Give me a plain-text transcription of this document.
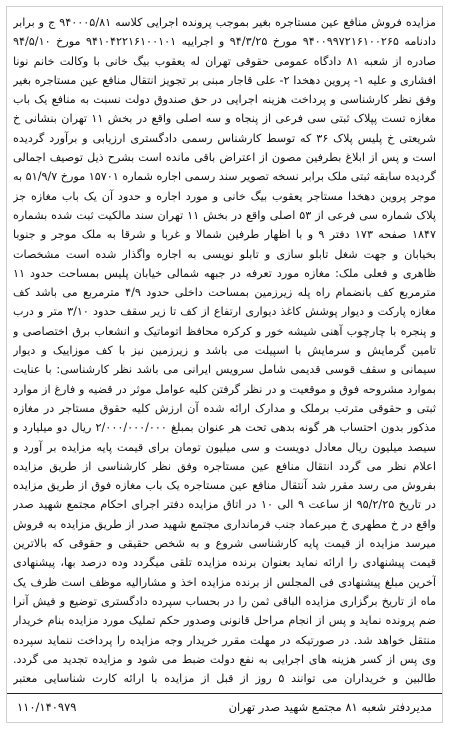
مزایده فروش منافع عین مستاجره بغیر بموجب پرونده اجرایی کلاسه ۹۴۰۰۰۵/۸۱ ج و برابر دادنامه ۹۴۰۰۹۹۷۲۱۶۱۰۰۲۶۵ مورخ ۹۴/۳/۲۵ و اجراییه ۹۴۱۰۴۲۲۱۶۱۰۰۱۰۱ مورخ ۹۴/۵/۱۰ صادره از شعبه ۸۱ دادگاه عمومی حقوقی تهران له یعقوب بیگ خانی با وکالت خانم نونا افشاری و علیه ۱- پروین دهخدا ۲- علی قاجار مبنی بر تجویز انتقال منافع عین مستاجره بغیر وفق نظر کارشناسی و پرداخت هزینه اجرایی در حق صندوق دولت نسبت به منافع یک باب مغازه تست پپلاک ثبتی سی فرعی از پنجاه و سه اصلی واقع در بخش ۱۱ تهران بنشانی خ شریعتی خ پلیس پلاک ۳۶ که توسط کارشناس رسمی دادگستری ارزیابی و برآورد گردیده است و پس از ابلاغ بطرفین مصون از اعتراض باقی مانده است بشرح ذیل توصیف اجمالی گردیده سابقه ثبتی ملک برابر نسخه تصویر سند رسمی اجاره شماره ۱۵۷۰۱ مورخ ۵۱/۹/۷ به موجر پروین دهخدا مستاجر یعقوب بیگ خانی و مورد اجاره و حدود آن یک باب مغازه جز پلاک شماره سی فرعی از ۵۳ اصلی واقع در بخش ۱۱ تهران سند مالکیت ثبت شده بشماره ۱۸۴۷ صفحه ۱۷۳ دفتر ۹ و با اظهار طرفین شمالا و غربا و شرقا به ملک موجر و جنوبا بخیابان و جهت شغل تابلو سازی و تابلو نویسی به اجاره واگذار شده است مشخصات ظاهری و فعلی ملک: مغازه مورد تعرفه در جبهه شمالی خیابان پلیس بمساحت حدود ۱۱ مترمربع کف بانضمام راه پله زیرزمین بمساحت داخلی حدود ۴/۹ مترمربع می باشد کف مغازه پارکت و دیوار پوشش کاغذ دیواری ارتفاع از کف تا زیر سقف حدود ۳/۱۰ متر و درب و پنجره با چارچوب آهنی شیشه خور و کرکره محافظ اتوماتیک و انشعاب برق اختصاصی و تامین گرمایش و سرمایش با اسپیلت می باشد و زیرزمین نیز با کف موزاییک و دیوار سیمانی و سقف قوسی قدیمی شامل سرویس ایرانی می باشد نظر کارشناسی: با عنایت بموارد مشروحه فوق و موقعیت و در نظر گرفتن کلیه عوامل موثر در قضیه و فارغ از موارد ثبتی و حقوقی مترتب برملک و مدارک ارائه شده آن ارزش کلیه حقوق مستاجر در مغازه مذکور بدون احتساب هر گونه بدهی تحت هر عنوان بمبلغ ۲/۰۰۰/۰۰۰/۰۰۰ ریال دو میلیارد و سیصد میلیون ریال معادل دویست و سی میلیون تومان برای قیمت پایه مزایده بر آورد و اعلام نظر می گردد انتقال منافع عین مستاجره وفق نظر کارشناسی از طریق مزایده بفروش می رسد مقرر شد آنتقال منافع عین مستاجره یک باب مغازه فوق از طریق مزایده در تاریخ ۹۵/۲/۲۵ از ساعت ۹ الی ۱۰ در اتاق مزایده دفتر اجرای احکام مجتمع شهید صدر واقع در خ مطهری خ میرعماد جنب فرمانداری مجتمع شهید صدر از طریق مزایده به فروش میرسد مزایده از قیمت پایه کارشناسی شروع و به شخص حقیقی و حقوقی که بالاترین قیمت پیشنهادی را ارائه نماید بعنوان برنده مزایده تلقی میگردد وده درصد بها، پیشنهادی آخرین مبلغ پیشنهادی فی المجلس از برنده مزایده اخذ و مشارالیه موظف است ظرف یک ماه از تاریخ برگزاری مزایده الباقی ثمن را در بحساب سپرده دادگستری توضیع و فیش آنرا ضم پرونده نماید و پس از انجام مراحل قانونی وصدور حکم تملیک مورد مزایده بنام خریدار منتقل خواهد شد. در صورتیکه در مهلت مقرر خریدار وجه مزایده را پرداخت ننماید سپرده وی پس از کسر هزینه های اجرایی به نفع دولت ضبط می شود و مزایده تجدید می گردد. طالبین و خریداران می توانند ۵ روز از قبل از مزایده با ارائه کارت شناسایی معتبر

۱۱۰/۱۴۰۹۷۹	مدیردفتر شعبه ۸۱ مجتمع شهید صدر تهران
